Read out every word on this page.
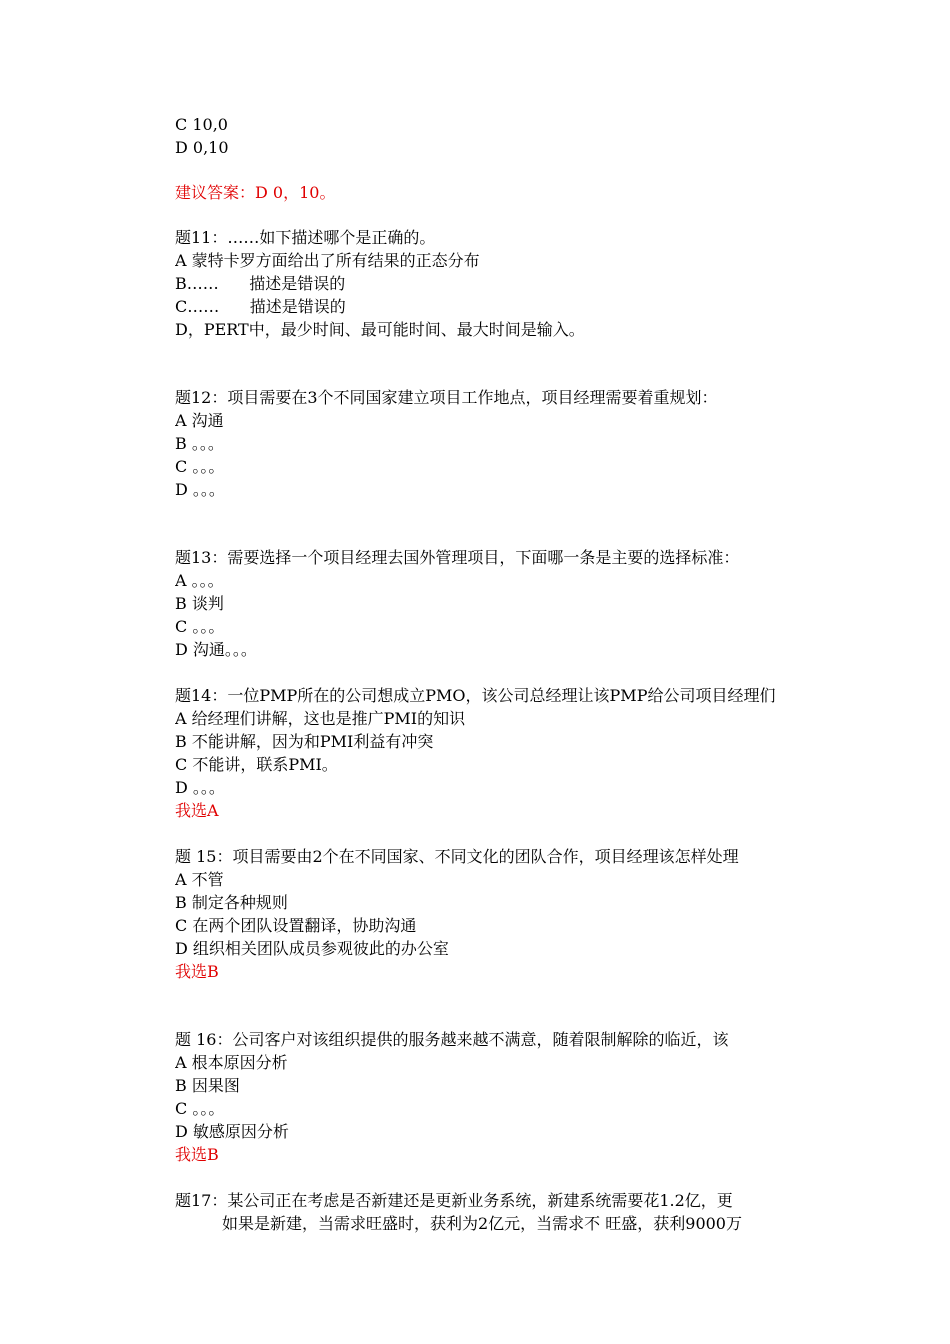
C 10,0
D 0,10
建议答案：D 0，10。
题11：……如下描述哪个是正确的。
A 蒙特卡罗方面给出了所有结果的正态分布
B……      描述是错误的
C……      描述是错误的
D，PERT中，最少时间、最可能时间、最大时间是输入。
题12：项目需要在3个不同国家建立项目工作地点，项目经理需要着重规划：
A 沟通
B 。。。
C 。。。
D 。。。
题13：需要选择一个项目经理去国外管理项目，下面哪一条是主要的选择标准：
A 。。。
B 谈判
C 。。。
D 沟通。。。
题14：一位PMP所在的公司想成立PMO，该公司总经理让该PMP给公司项目经理们
A 给经理们讲解，这也是推广PMI的知识
B 不能讲解，因为和PMI利益有冲突
C 不能讲，联系PMI。
D 。。。
我选A
题 15：项目需要由2个在不同国家、不同文化的团队合作，项目经理该怎样处理
A 不管
B 制定各种规则
C 在两个团队设置翻译，协助沟通
D 组织相关团队成员参观彼此的办公室
我选B
题 16：公司客户对该组织提供的服务越来越不满意，随着限制解除的临近，该
A 根本原因分析
B 因果图
C 。。。
D 敏感原因分析
我选B
题17：某公司正在考虑是否新建还是更新业务系统，新建系统需要花1.2亿，更
如果是新建，当需求旺盛时，获利为2亿元，当需求不 旺盛，获利9000万
